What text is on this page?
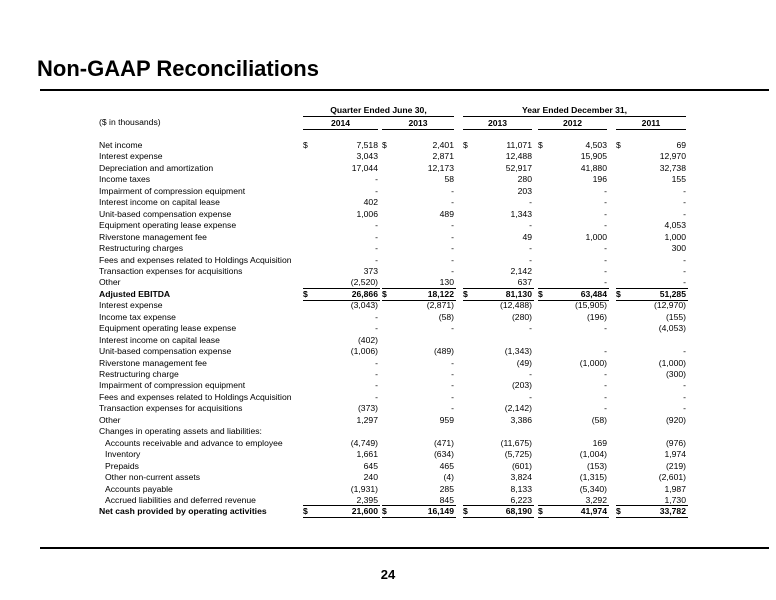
Non-GAAP Reconciliations
Quarter Ended June 30,	Year Ended December 31,
($ in thousands)	2014	2013	2013	2012	2011
Net income	$	7,518 $	2,401 $	11,071 $	4,503 $	69
Interest expense	3,043	2,871	12,488	15,905	12,970
Depreciation and amortization	17,044	12,173	52,917	41,880	32,738
Income taxes	-	58	280	196	155
Impairment of compression equipment	-	-	203	-	-
Interest income on capital lease	402	-	-	-	-
Unit-based compensation expense	1,006	489	1,343	-	-
Equipment operating lease expense	-	-	-	-	4,053
Riverstone management fee	-	-	49	1,000	1,000
Restructuring charges	-	-	-	-	300
Fees and expenses related to Holdings Acquisition	-	-	-	-	-
Transaction expenses for acquisitions	373	-	2,142	-	-
Other	(2,520)	130	637	-	-
Adjusted EBITDA	$	26,866 $	18,122 $	81,130 $	63,484 $	51,285
Interest expense	(3,043)	(2,871)	(12,488)	(15,905)	(12,970)
Income tax expense	-	(58)	(280)	(196)	(155)
Equipment operating lease expense	-	-	-	-	(4,053)
Interest income on capital lease	(402)
Unit-based compensation expense	(1,006)	(489)	(1,343)	-	-
Riverstone management fee	-	-	(49)	(1,000)	(1,000)
Restructuring charge	-	-	-	-	(300)
Impairment of compression equipment	-	-	(203)	-	-
Fees and expenses related to Holdings Acquisition	-	-	-	-	-
Transaction expenses for acquisitions	(373)	-	(2,142)	-	-
Other	1,297	959	3,386	(58)	(920)
Changes in operating assets and liabilities:
Accounts receivable and advance to employee	(4,749)	(471)	(11,675)	169	(976)
Inventory	1,661	(634)	(5,725)	(1,004)	1,974
Prepaids	645	465	(601)	(153)	(219)
Other non-current assets	240	(4)	3,824	(1,315)	(2,601)
Accounts payable	(1,931)	285	8,133	(5,340)	1,987
Accrued liabilities and deferred revenue	2,395	845	6,223	3,292	1,730
Net cash provided by operating activities	$	21,600 $	16,149 $	68,190 $	41,974 $	33,782
24
